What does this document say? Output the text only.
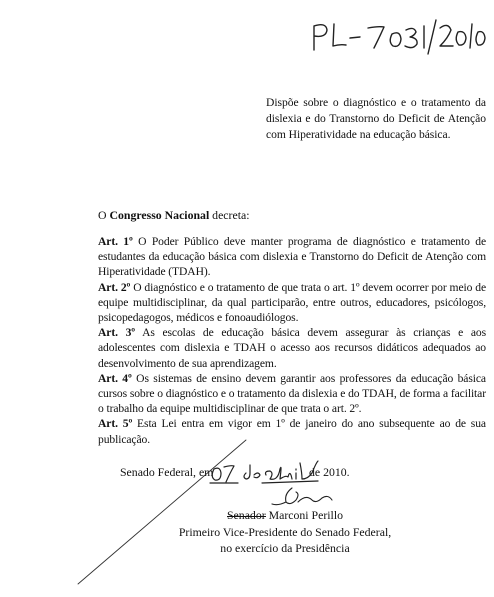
PL- 7031/2010
Dispõe sobre o diagnóstico e o tratamento da dislexia e do Transtorno do Deficit de Atenção com Hiperatividade na educação básica.
O Congresso Nacional decreta:

Art. 1º O Poder Público deve manter programa de diagnóstico e tratamento de estudantes da educação básica com dislexia e Transtorno do Deficit de Atenção com Hiperatividade (TDAH).

Art. 2º O diagnóstico e o tratamento de que trata o art. 1º devem ocorrer por meio de equipe multidisciplinar, da qual participarão, entre outros, educadores, psicólogos, psicopedagogos, médicos e fonoaudiólogos.

Art. 3º As escolas de educação básica devem assegurar às crianças e aos adolescentes com dislexia e TDAH o acesso aos recursos didáticos adequados ao desenvolvimento de sua aprendizagem.

Art. 4º Os sistemas de ensino devem garantir aos professores da educação básica cursos sobre o diagnóstico e o tratamento da dislexia e do TDAH, de forma a facilitar o trabalho da equipe multidisciplinar de que trata o art. 2º.

Art. 5º Esta Lei entra em vigor em 1º de janeiro do ano subsequente ao de sua publicação.

Senado Federal, em	de 2010.
07 de abril
Senador Marconi Perillo
Primeiro Vice-Presidente do Senado Federal,
no exercício da Presidência
